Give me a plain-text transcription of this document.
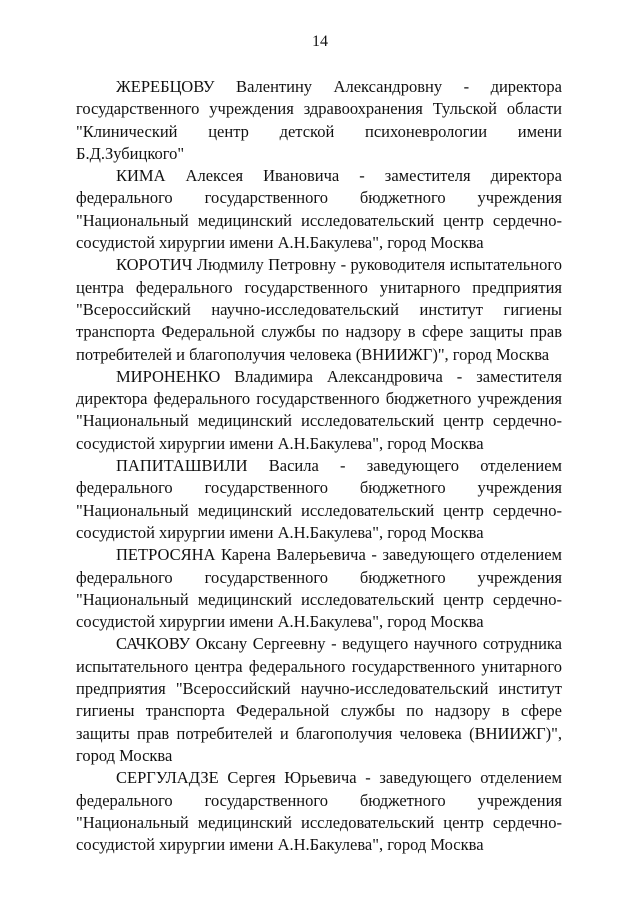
14

ЖЕРЕБЦОВУ Валентину Александровну - директора государственного учреждения здравоохранения Тульской области "Клинический центр детской психоневрологии имени Б.Д.Зубицкого"

КИМА Алексея Ивановича - заместителя директора федерального государственного бюджетного учреждения "Национальный медицинский исследовательский центр сердечно-сосудистой хирургии имени А.Н.Бакулева", город Москва

КОРОТИЧ Людмилу Петровну - руководителя испытательного центра федерального государственного унитарного предприятия "Всероссийский научно-исследовательский институт гигиены транспорта Федеральной службы по надзору в сфере защиты прав потребителей и благополучия человека (ВНИИЖГ)", город Москва

МИРОНЕНКО Владимира Александровича - заместителя директора федерального государственного бюджетного учреждения "Национальный медицинский исследовательский центр сердечно-сосудистой хирургии имени А.Н.Бакулева", город Москва

ПАПИТАШВИЛИ Васила - заведующего отделением федерального государственного бюджетного учреждения "Национальный медицинский исследовательский центр сердечно-сосудистой хирургии имени А.Н.Бакулева", город Москва

ПЕТРОСЯНА Карена Валерьевича - заведующего отделением федерального государственного бюджетного учреждения "Национальный медицинский исследовательский центр сердечно-сосудистой хирургии имени А.Н.Бакулева", город Москва

САЧКОВУ Оксану Сергеевну - ведущего научного сотрудника испытательного центра федерального государственного унитарного предприятия "Всероссийский научно-исследовательский институт гигиены транспорта Федеральной службы по надзору в сфере защиты прав потребителей и благополучия человека (ВНИИЖГ)", город Москва

СЕРГУЛАДЗЕ Сергея Юрьевича - заведующего отделением федерального государственного бюджетного учреждения "Национальный медицинский исследовательский центр сердечно-сосудистой хирургии имени А.Н.Бакулева", город Москва
